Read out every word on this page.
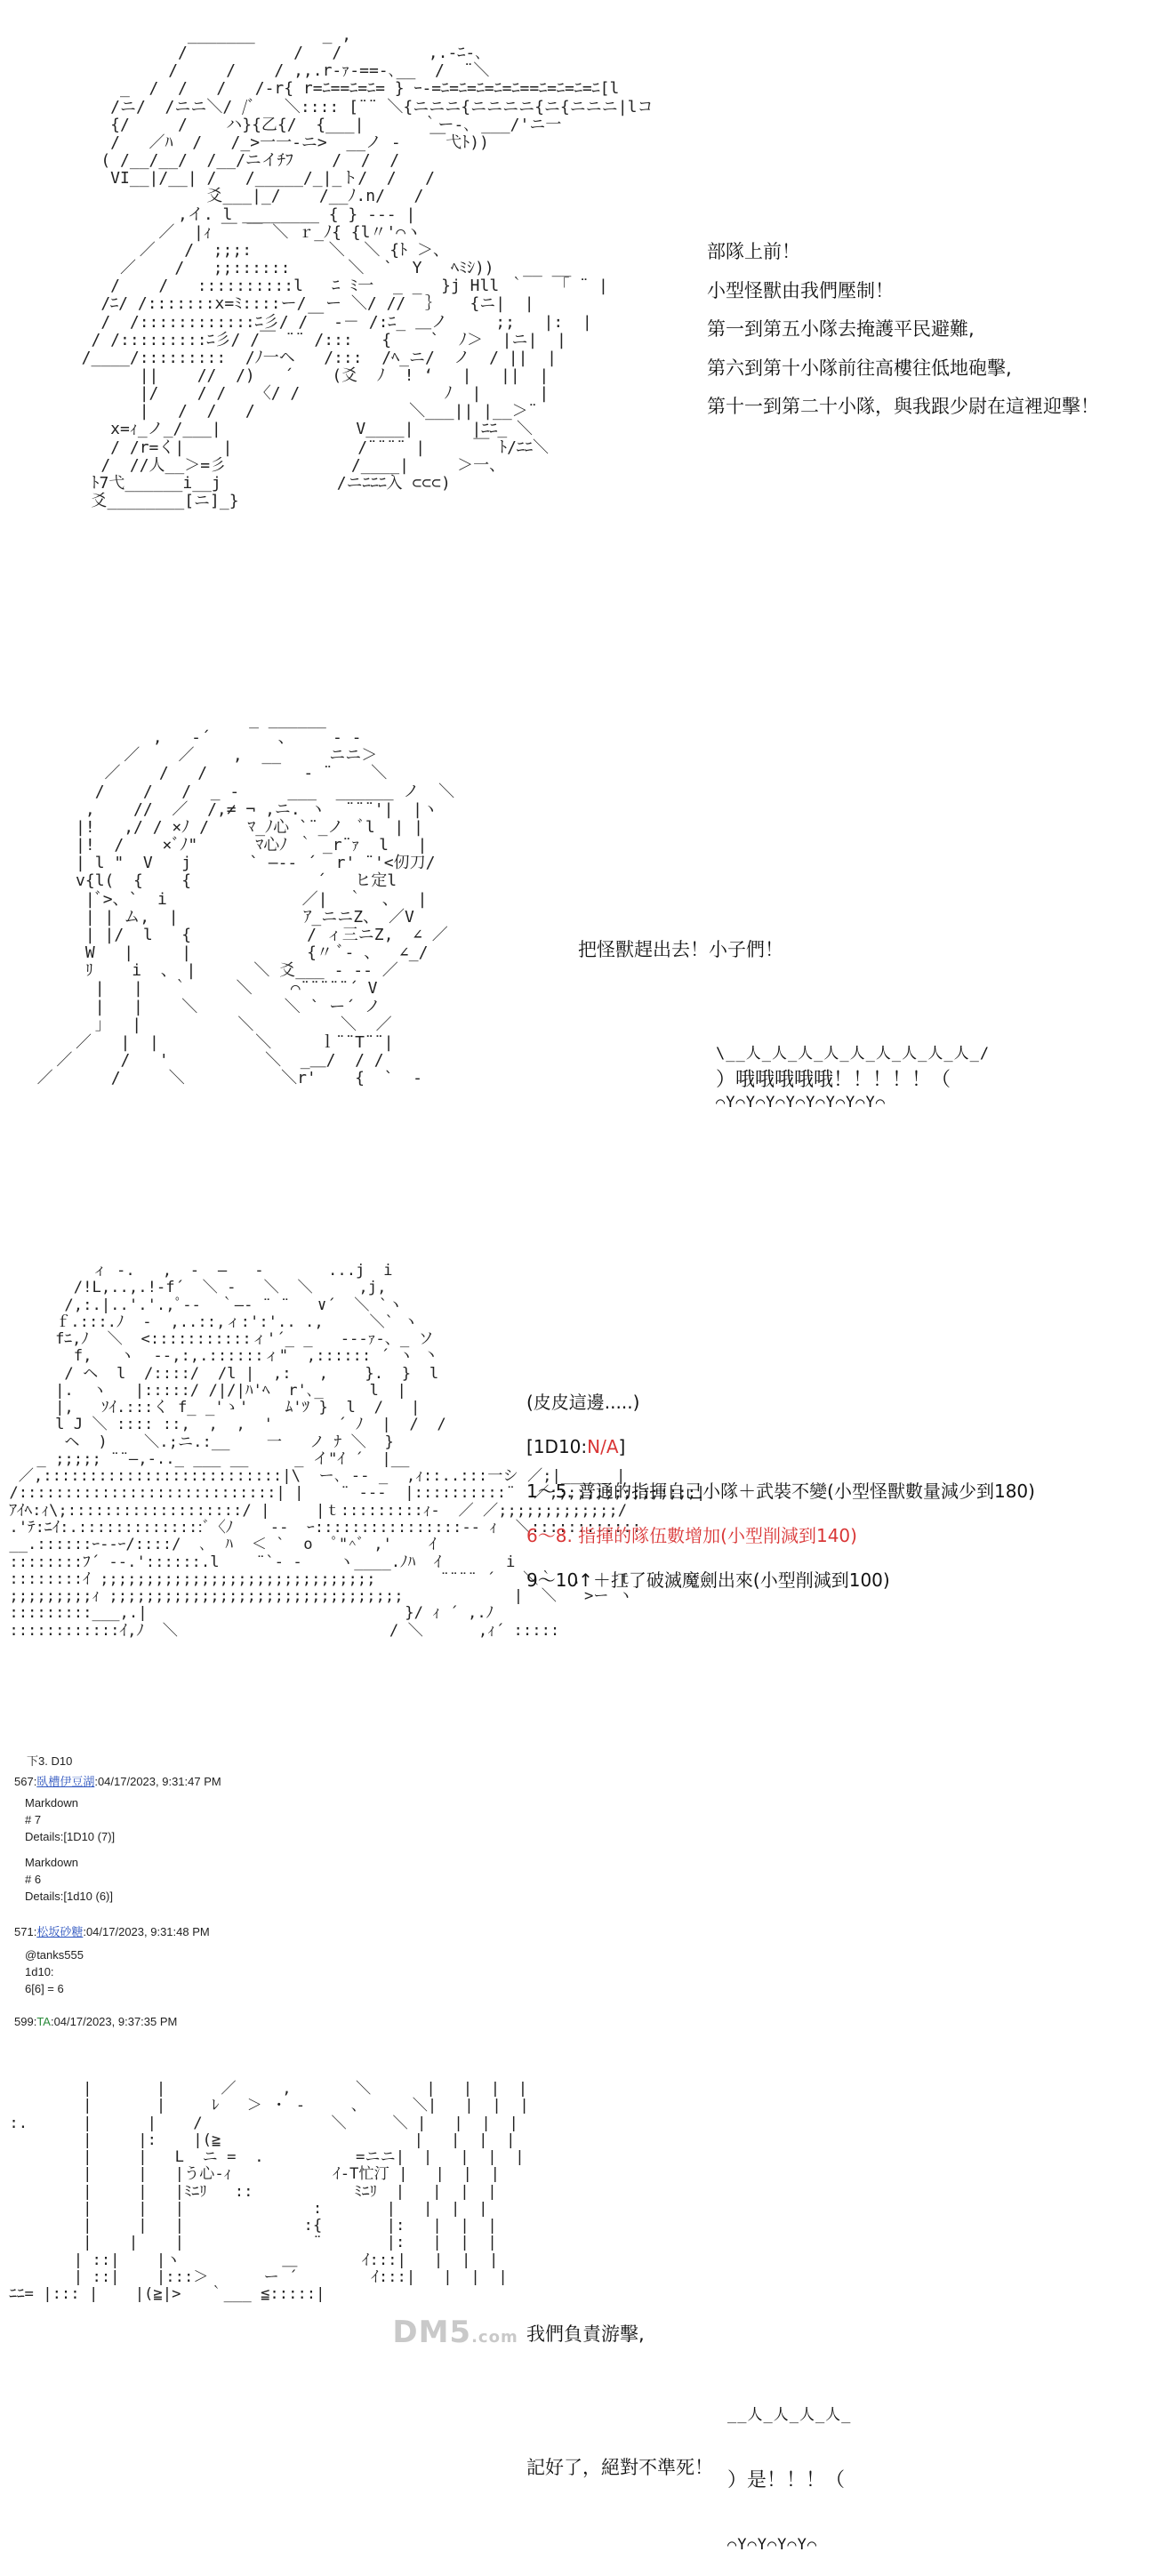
_______       _ ,
/           /   /         ,.-ﾆ-､
/     /    / ,,.r-ｧ-==-､__  /  ¨＼
_  /  /   /   /-r{ r=ﾆ==ﾆ=ﾆ= } ｰ-=ﾆ=ﾆ=ﾆ=ﾆ=ﾆ==ﾆ=ﾆ=ﾆ=ﾆ[l
/ニ/  /ニニ＼/ /ﾞ   ＼:::: [¨¨ ＼{ニニニ{ニニニニ{ニ{ニニニ|lコ
{/     /    ハ}{乙{/  {___|      ｀ー-､ ___/'ニ一
/   ／ﾊ  /   /_>一一-ニ>  __ノ ‐   ￣弋ﾄ))
( /__/__/  /__/ニイﾁﾌ    /  /  /
VI__|/__| /   /_____/_|_ト/  /   /
爻___|_/    /__ﾉ.n/   /
,イ. l ________ { } ‐-- |
／  |ｨ ￣ ￣ ＼ ｒ_ﾉ{ {l〃'⌒ヽ
／   /  ;;;:        ＼  ＼ {ﾄ ＞、
／    /   ;;::::::      ＼  `  Y   ﾍﾐｼ))   __ __
/    /   ::::::::::l   ﾆ ﾐ一  _ _  }j Hll ｀   「 ¨ |
/ﾆ/ /:::::::x=ﾐ::::ー/  ー ＼/ //  ｝   {ニ|  |
/  /::::::::::::ﾆ彡/ /￣ ‐－ /:ﾆ_ ＿ノ     ;;   |:  |
/ /:::::::::ﾆ彡/ /￣ ¨¨ /:::   {    `  ﾉ＞  |ニ|  |
/____/:::::::::  /ﾉ一ヘ   /:::  /ﾍ_ニ/  ノ  / ||  |
||    //  /)   ´    (爻  ﾉ  ! ‘   |   ||  |
|/    / /   〈/ /               ﾉ  |      |
|   /  /   /                ＼___|| |__＞¨
x=ｨ_ノ_/___|              V____|      |ﾆﾆ_ ＼
/ /r=く|    |             /¨¨¨¨ |     ￣ ﾄ/ﾆﾆ＼
/  //人__＞=彡             /____|     ＞一、
ﾄ7弋______i__j            /ニﾆﾆﾆ入 ⊂⊂⊂)
爻________[ニ]_}

部隊上前！
小型怪獸由我們壓制！
第一到第五小隊去掩護平民避難,
第六到第十小隊前往高樓往低地砲擊,
第十一到第二十小隊，與我跟少尉在這裡迎擊！
_ ______
,   ‐´       、    ‐ ‐
／    ／    ,  __     ニニ＞
／    /   /          ‐ ¨    ＼
/    /   /  _ -     ___  ______ ノ  ＼
,    //  ／  /,≠ ¬ ,ニ. ヽ  ¨¨¨'|  |ヽ
|!   ,/ / ×ﾉ /    ﾏ_ﾉ心 `¨_ノ  ﾞl  | |
|!  /    ×ﾞﾉ"      ﾏ心ﾉ ｀ _r¨ｧ  l   |
| l "  V   j      ` ―‐‐ ´  r' ¨'<仞刀/
v{l(  {    {             ´   ヒ定l
|ﾞ>、`  i              ／|  ｀  、  |
| | ム,  |             ｱ_ニニZ、 ／V
| |/  l   {            / ィ三ニZ,  ∠ ／
W   |     |            {〃 ﾞ‐ 、  ∠_/
ﾘ    i  、 |      ＼ 爻___ ‐ ‐‐ ／
|   |   ｀     ＼    ⌒¨¨¨¨¨´ V
|   |    ＼         ＼ ` ー´ ノ
｣   |          ＼         ＼  ／
／   |  |          ＼     ｌ¨¨T¨¨|
／     /   '          ＼  _＿/  / /
／      /     ＼          ＼r'    {  `  ‐

把怪獸趕出去！小子們！
\__人_人_人_人_人_人_人_人_人_/
）哦哦哦哦哦！！！！！（
⌒Y⌒Y⌒Y⌒Y⌒Y⌒Y⌒Y⌒Y⌒
ィ ‐.   ,  ‐  ―   ‐       ...j  i
/!L,..,.!-f´  ＼ ‐   ＼  ＼     ,j,
/,:.|..'.'.,ﾟ-‐  ｀―‐ ¨ ¨   ∨´  ＼ `ヽ
ｆ.:::.ﾉ  ‐  ,..::,ィ:':'.. .,     ＼` ヽ
fﾆ,ﾉ  ＼  <:::::::::::ィ'´_ _   ‐‐-ｧ-、_ ソ
f,   ヽ  ‐-,:,.::::::ィ"  ,:::::: ´ ヽ 丶
/ ヘ  l  /::::/  /l |  ,:   ,    }.  }  l
|.  ヽ   |:::::/ /|/|ﾊ'ﾍ  r'､_     l  |
|,   ｿｲ.:::く f_ _'ゝ'    ﾑ'ﾂ }  l  /   |
l J ＼ :::: ::,  ,  ,  '       ´ ﾉ  |  /  /
ヘ  )    ＼.;ニ.:__    一   ノ ﾅ ＼  }
_ ;;;;; ¨¨―,‐.._ ___ __     _ イ"ｲ ´  |__
／,::::::::::::::::::::::::::|\  ー､ ‐- _  ,ｨ::..:::一シ ／;|_____ |
/::::::::::::::::::::::::::::| |    ¨ ‐--  |::::::::::¨  ／;;;;;;;;;;;;;;;;|
ｱｲﾍ:ｨ\;:::::::::::::::::::/ |     |ｔ:::::::::ｨ‐  ／ ／;;;;;;;;;;;;;/
.'ﾃ:ﾆｲ:.::::::::::::::ﾞ〈ﾉ    ‐‐  ｰ::::::::::::::::-‐ ｨ  ＼::::::::::::
__.::::::ｰ‐‐ｰ/::::/  ､  ﾊ  ＜ `  o  ﾟ"^ﾞ ,'    ｲ
::::::::ﾌ´ ‐‐.'::::::.l    ¨`‐ ‐    ヽ____.ﾉﾊ  ｲ       i
::::::::ｲ ;;;;;;;;;;;;;;;;;;;;;;;;;;;;;;       ¨¨¨¨ ´   ＼｀  .    ｔ
;;;;;;;;;ｨ ;;;;;;;;;;;;;;;;;;;;;;;;;;;;;;;;            |  ＼   >ー ヽ
:::::::::___,.|                            }/ ｨ ´ ,.ﾉ
::::::::::::ｲ,ﾉ  ＼                       / ＼      ,ｨ´ :::::

(皮皮這邊.....)
[1D10:N/A]
1～5. 普通的指揮自己小隊＋武裝不變(小型怪獸數量減少到180)
6～8. 指揮的隊伍數增加(小型削減到140)
9～10↑＋扛了破滅魔劍出來(小型削減到100)
下3. D10
567:臥槽伊豆湖:04/17/2023, 9:31:47 PM
Markdown
# 7
Details:[1D10 (7)]
Markdown
# 6
Details:[1d10 (6)]
571:松坂砂糖:04/17/2023, 9:31:48 PM
@tanks555
1d10:
6[6] = 6
599:TA:04/17/2023, 9:37:35 PM
|       |      ／     ,       ＼      |   |  |  |
|       |     ﾚ   ＞ ・ -     、     ＼|   |  |  |
:.      |      |    /              ＼     ＼ |   |  |  |
|     |:    |(≧                     |   |  |  |
|     |   L  ニ =  .          =ニニ|  |   |  |  |
|     |   |う心-ｨ           ｲ-T忙汀 |   |  |  |
|     |   |ﾐﾆﾘ   ::           ﾐﾆﾘ  |   |  |  |
|     |   |              :       |   |  |  |
|     |   |             :{       |:   |  |  |
|    |    |              ¨       |:   |  |  |
| ::|    |ヽ           ＿       ｲ:::|   |  |  |
| ::|    |:::＞      ー ´        ｲ:::|   |  |  |
ﾆﾆ= |::: |    |(≧|>   ｀___ ≦:::::|

我們負責游擊,

記好了，絕對不準死！

__人_人_人_人_

）是！！！（

⌒Y⌒Y⌒Y⌒Y⌒

DM5.com
